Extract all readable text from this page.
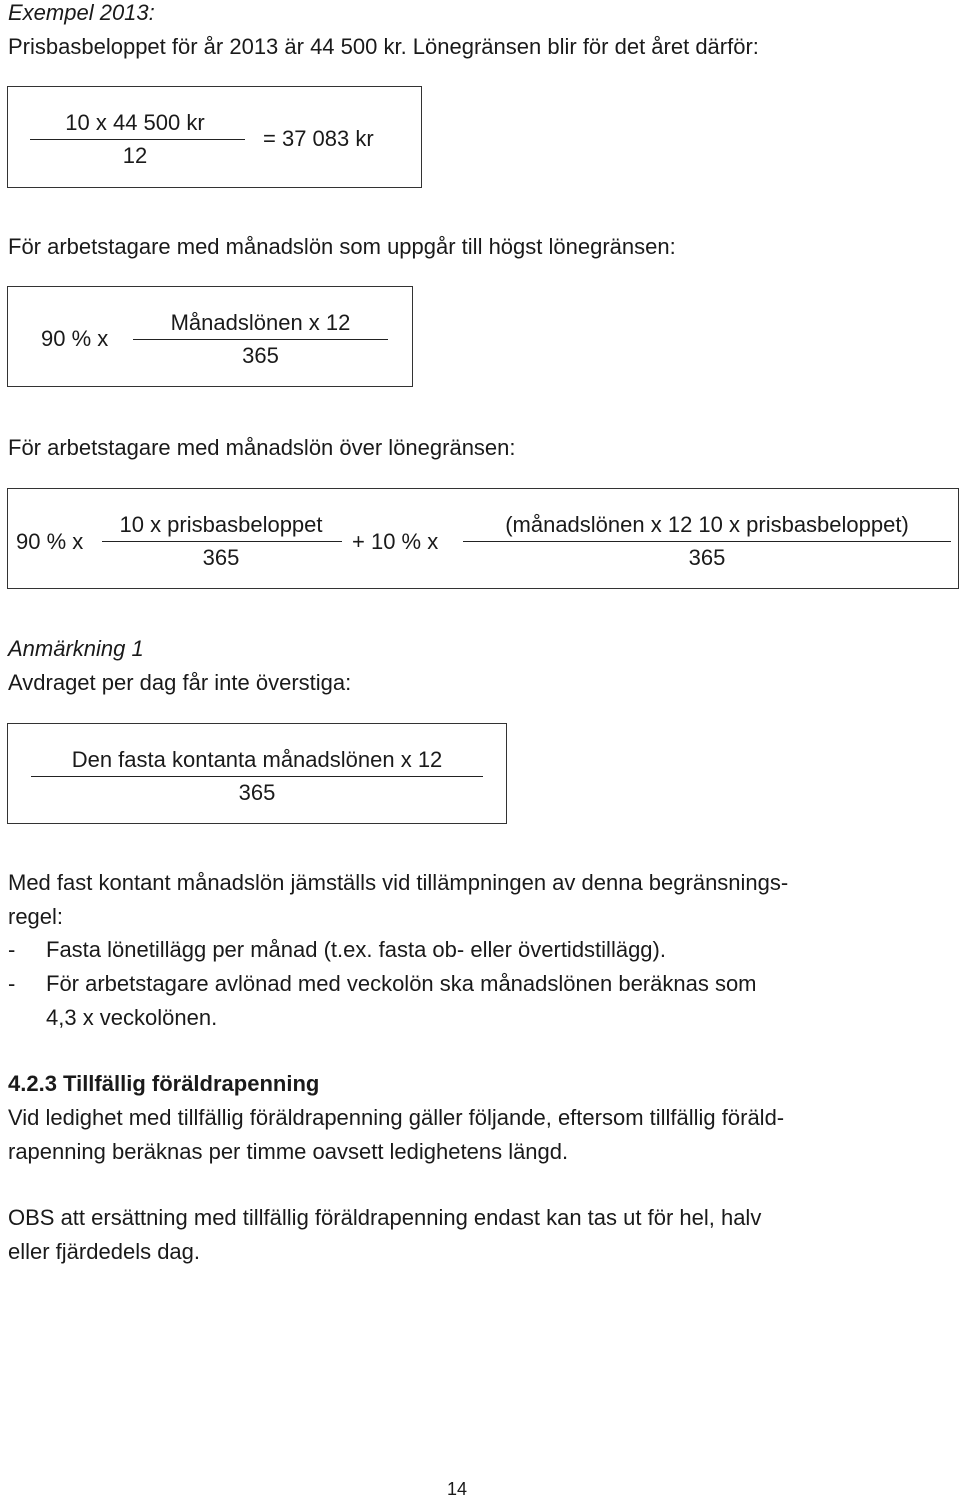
Exempel 2013:
Prisbasbeloppet för år 2013 är 44 500 kr. Lönegränsen blir för det året därför:
10 x 44 500 kr
12
= 37 083 kr
För arbetstagare med månadslön som uppgår till högst lönegränsen:
90 % x
Månadslönen x 12
365
För arbetstagare med månadslön över lönegränsen:
90 % x
10 x prisbasbeloppet
365
+ 10 % x
(månadslönen x 12 10 x prisbasbeloppet)
365
Anmärkning 1
Avdraget per dag får inte överstiga:
Den fasta kontanta månadslönen x 12
365
Med fast kontant månadslön jämställs vid tillämpningen av denna begränsnings-
regel:
- Fasta lönetillägg per månad (t.ex. fasta ob- eller övertidstillägg).
- För arbetstagare avlönad med veckolön ska månadslönen beräknas som
4,3 x veckolönen.
4.2.3 Tillfällig föräldrapenning
Vid ledighet med tillfällig föräldrapenning gäller följande, eftersom tillfällig föräld-
rapenning beräknas per timme oavsett ledighetens längd.
OBS att ersättning med tillfällig föräldrapenning endast kan tas ut för hel, halv
eller fjärdedels dag.
14
